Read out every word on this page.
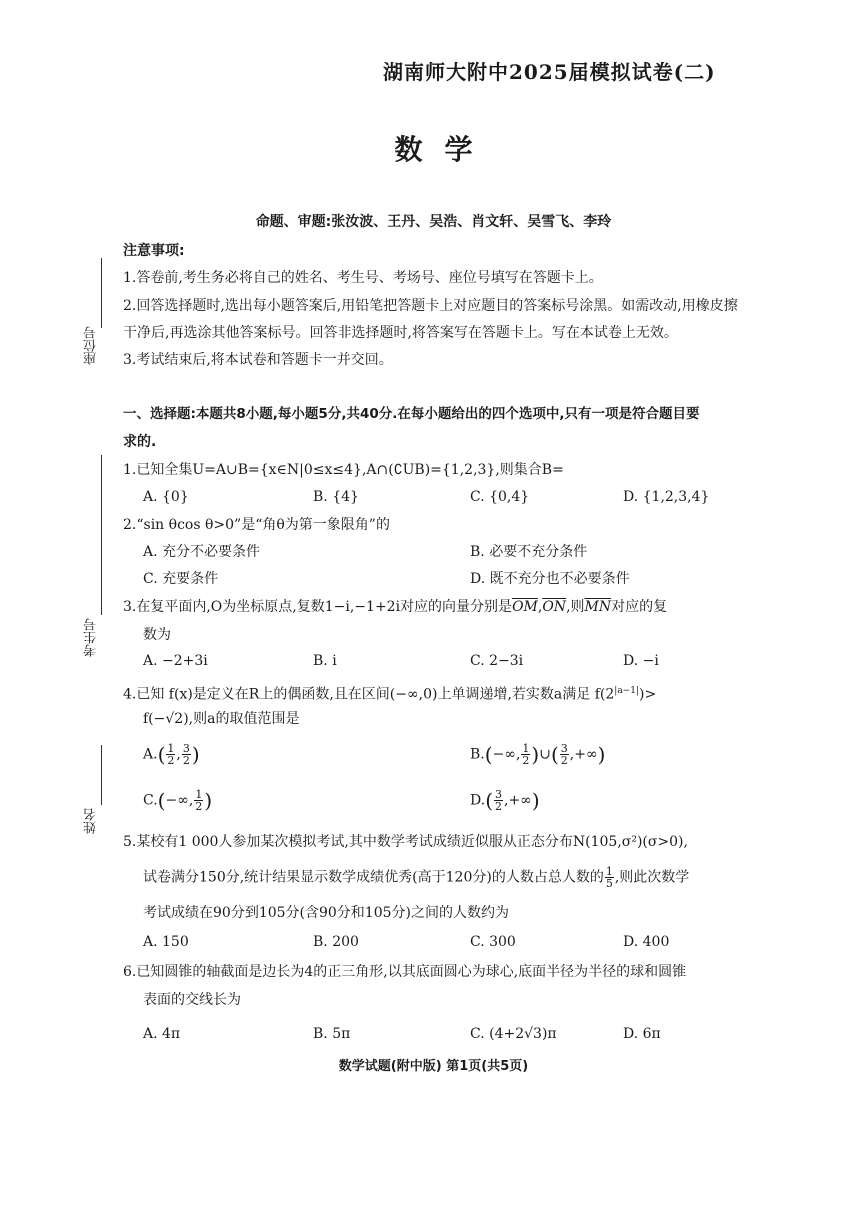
湖南师大附中2025届模拟试卷(二)
数学
命题、审题:张汝波、王丹、吴浩、肖文轩、吴雪飞、李玲
座位号
考生号
姓名
注意事项:
1.答卷前,考生务必将自己的姓名、考生号、考场号、座位号填写在答题卡上。
2.回答选择题时,选出每小题答案后,用铅笔把答题卡上对应题目的答案标号涂黑。如需改动,用橡皮擦
干净后,再选涂其他答案标号。回答非选择题时,将答案写在答题卡上。写在本试卷上无效。
3.考试结束后,将本试卷和答题卡一并交回。
一、选择题:本题共8小题,每小题5分,共40分.在每小题给出的四个选项中,只有一项是符合题目要
求的.
1.已知全集U=A∪B={x∈N|0≤x≤4},A∩(∁UB)={1,2,3},则集合B=
A. {0}	B. {4}	C. {0,4}	D. {1,2,3,4}
2.“sin θcos θ>0”是“角θ为第一象限角”的
A. 充分不必要条件	B. 必要不充分条件
C. 充要条件	D. 既不充分也不必要条件
3.在复平面内,O为坐标原点,复数1−i,−1+2i对应的向量分别是$\overline{OM},\overline{ON}$,则$\overline{MN}$对应的复
数为
A. −2+3i	B. i	C. 2−3i	D. −i
4.已知 f(x)是定义在R上的偶函数,且在区间(−∞,0)上单调递增,若实数a满足 $f(2^{|a-1|})>$
f(−√2),则a的取值范围是
$A.( \frac{1}{2}$ , $\frac{3}{2}$ )	B.(−∞, $\frac{1}{2}$ )∪( $\frac{3}{2}$ ,+∞)
C.(−∞, $\frac{1}{2}$ )	$D.( \frac{3}{2}$ ,+∞)
5.某校有1 000人参加某次模拟考试,其中数学考试成绩近似服从正态分布N(105,σ²)(σ>0),
试卷满分150分,统计结果显示数学成绩优秀(高于120分)的人数占总人数的 $\frac{1}{5}$ ,则此次数学
考试成绩在90分到105分(含90分和105分)之间的人数约为
A. 150	B. 200	C. 300	D. 400
6.已知圆锥的轴截面是边长为4的正三角形,以其底面圆心为球心,底面半径为半径的球和圆锥
表面的交线长为
A. 4π	B. 5π	C. (4+2√3)π	D. 6π
数学试题(附中版) 第1页(共5页)
